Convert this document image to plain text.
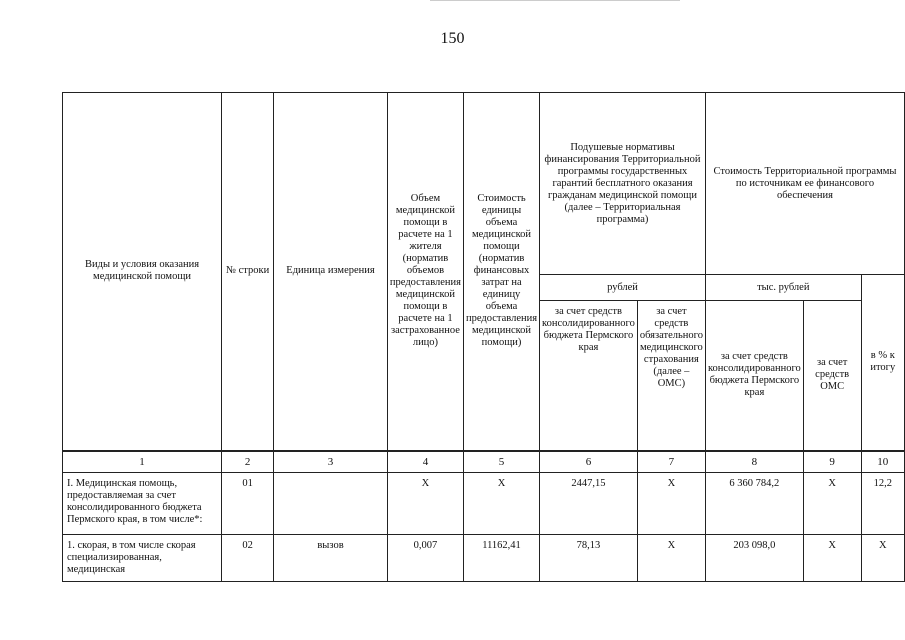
150
Виды и условия оказания медицинской помощи	№ строки	Единица измерения	Объем медицинской помощи в расчете на 1 жителя (норматив объемов предоставления медицинской помощи в расчете на 1 застрахованное лицо)	Стоимость единицы объема медицинской помощи (норматив финансовых затрат на единицу объема предоставления медицинской помощи)	Подушевые нормативы финансирования Территориальной программы государственных гарантий бесплатного оказания гражданам медицинской помощи (далее – Территориальная программа)		Стоимость Территориальной программы по источникам ее финансового обеспечения		
					рублей		тыс. рублей		в % к итогу
					за счет средств консолидированного бюджета Пермского края	за счет средств обязательного медицинского страхования (далее – ОМС)	за счет средств консолидированного бюджета Пермского края	за счет средств ОМС	
1	2	3	4	5	6	7	8	9	10
I. Медицинская помощь, предоставляемая за счет консолидированного бюджета Пермского края, в том числе*:	01		Х	Х	2447,15	Х	6 360 784,2	Х	12,2
1. скорая, в том числе скорая специализированная, медицинская	02	вызов	0,007	11162,41	78,13	Х	203 098,0	Х	Х
